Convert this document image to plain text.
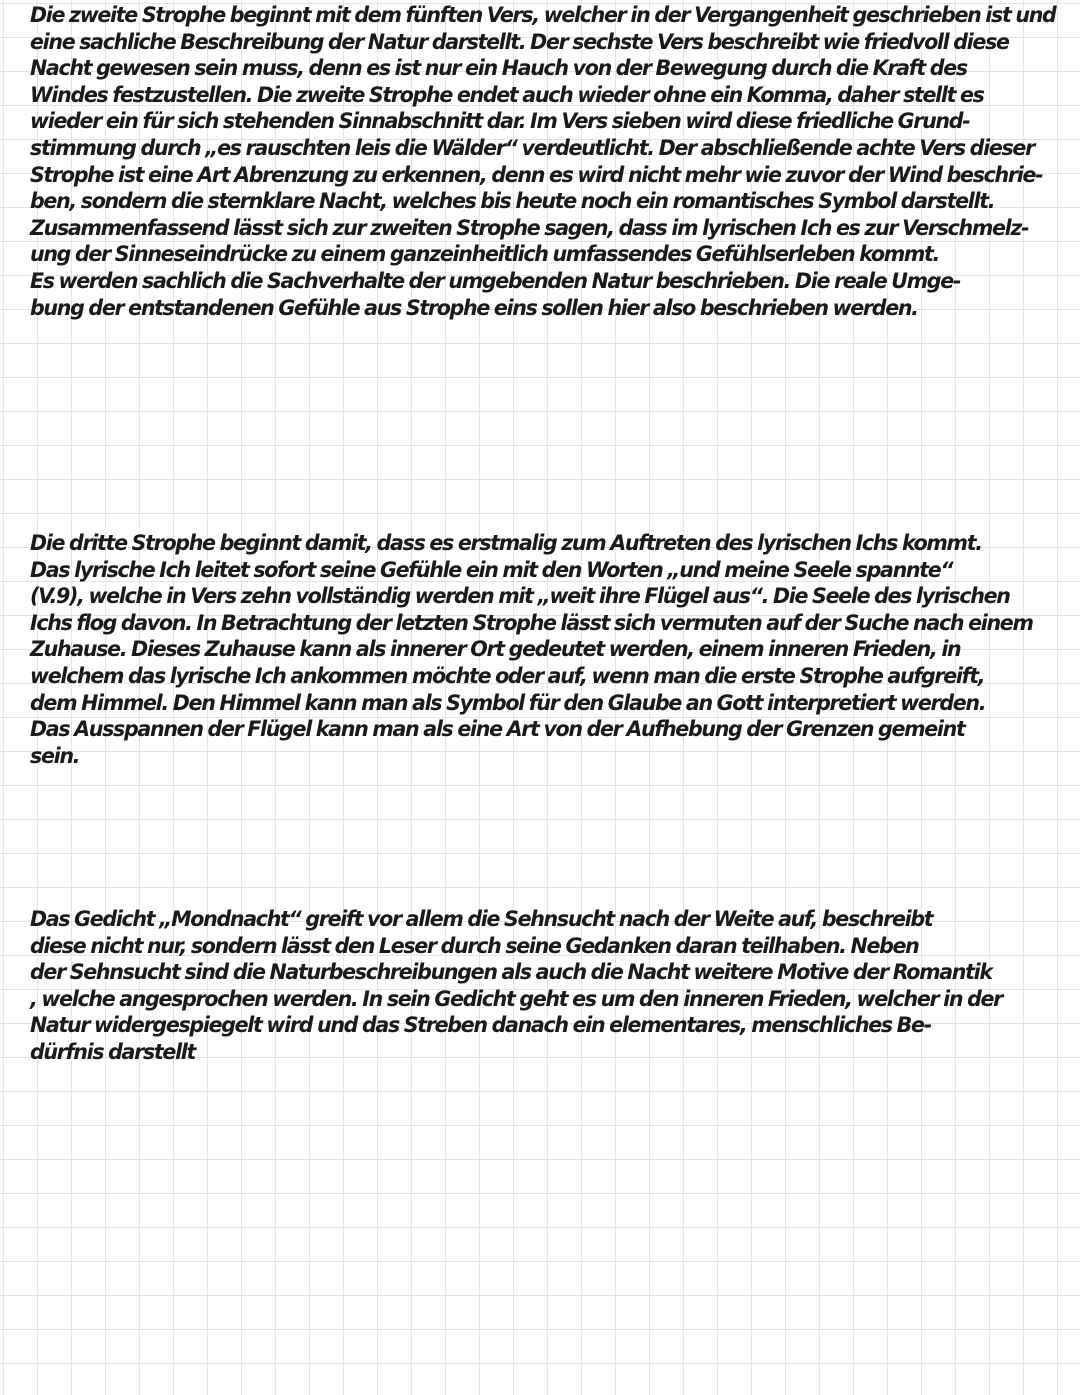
Die zweite Strophe beginnt mit dem fünften Vers, welcher in der Vergangenheit geschrieben ist und
eine sachliche Beschreibung der Natur darstellt. Der sechste Vers beschreibt wie friedvoll diese
Nacht gewesen sein muss, denn es ist nur ein Hauch von der Bewegung durch die Kraft des
Windes festzustellen. Die zweite Strophe endet auch wieder ohne ein Komma, daher stellt es
wieder ein für sich stehenden Sinnabschnitt dar. Im Vers sieben wird diese friedliche Grund-
stimmung durch „es rauschten leis die Wälder“ verdeutlicht. Der abschließende achte Vers dieser
Strophe ist eine Art Abrenzung zu erkennen, denn es wird nicht mehr wie zuvor der Wind beschrie-
ben, sondern die sternklare Nacht, welches bis heute noch ein romantisches Symbol darstellt.
Zusammenfassend lässt sich zur zweiten Strophe sagen, dass im lyrischen Ich es zur Verschmelz-
ung der Sinneseindrücke zu einem ganzeinheitlich umfassendes Gefühlserleben kommt.
Es werden sachlich die Sachverhalte der umgebenden Natur beschrieben. Die reale Umge-
bung der entstandenen Gefühle aus Strophe eins sollen hier also beschrieben werden.
Die dritte Strophe beginnt damit, dass es erstmalig zum Auftreten des lyrischen Ichs kommt.
Das lyrische Ich leitet sofort seine Gefühle ein mit den Worten „und meine Seele spannte“
(V.9), welche in Vers zehn vollständig werden mit „weit ihre Flügel aus“. Die Seele des lyrischen
Ichs flog davon. In Betrachtung der letzten Strophe lässt sich vermuten auf der Suche nach einem
Zuhause. Dieses Zuhause kann als innerer Ort gedeutet werden, einem inneren Frieden, in
welchem das lyrische Ich ankommen möchte oder auf, wenn man die erste Strophe aufgreift,
dem Himmel. Den Himmel kann man als Symbol für den Glaube an Gott interpretiert werden.
Das Ausspannen der Flügel kann man als eine Art von der Aufhebung der Grenzen gemeint
sein.
Das Gedicht „Mondnacht“ greift vor allem die Sehnsucht nach der Weite auf, beschreibt
diese nicht nur, sondern lässt den Leser durch seine Gedanken daran teilhaben. Neben
der Sehnsucht sind die Naturbeschreibungen als auch die Nacht weitere Motive der Romantik
, welche angesprochen werden. In sein Gedicht geht es um den inneren Frieden, welcher in der
Natur widergespiegelt wird und das Streben danach ein elementares, menschliches Be-
dürfnis darstellt
